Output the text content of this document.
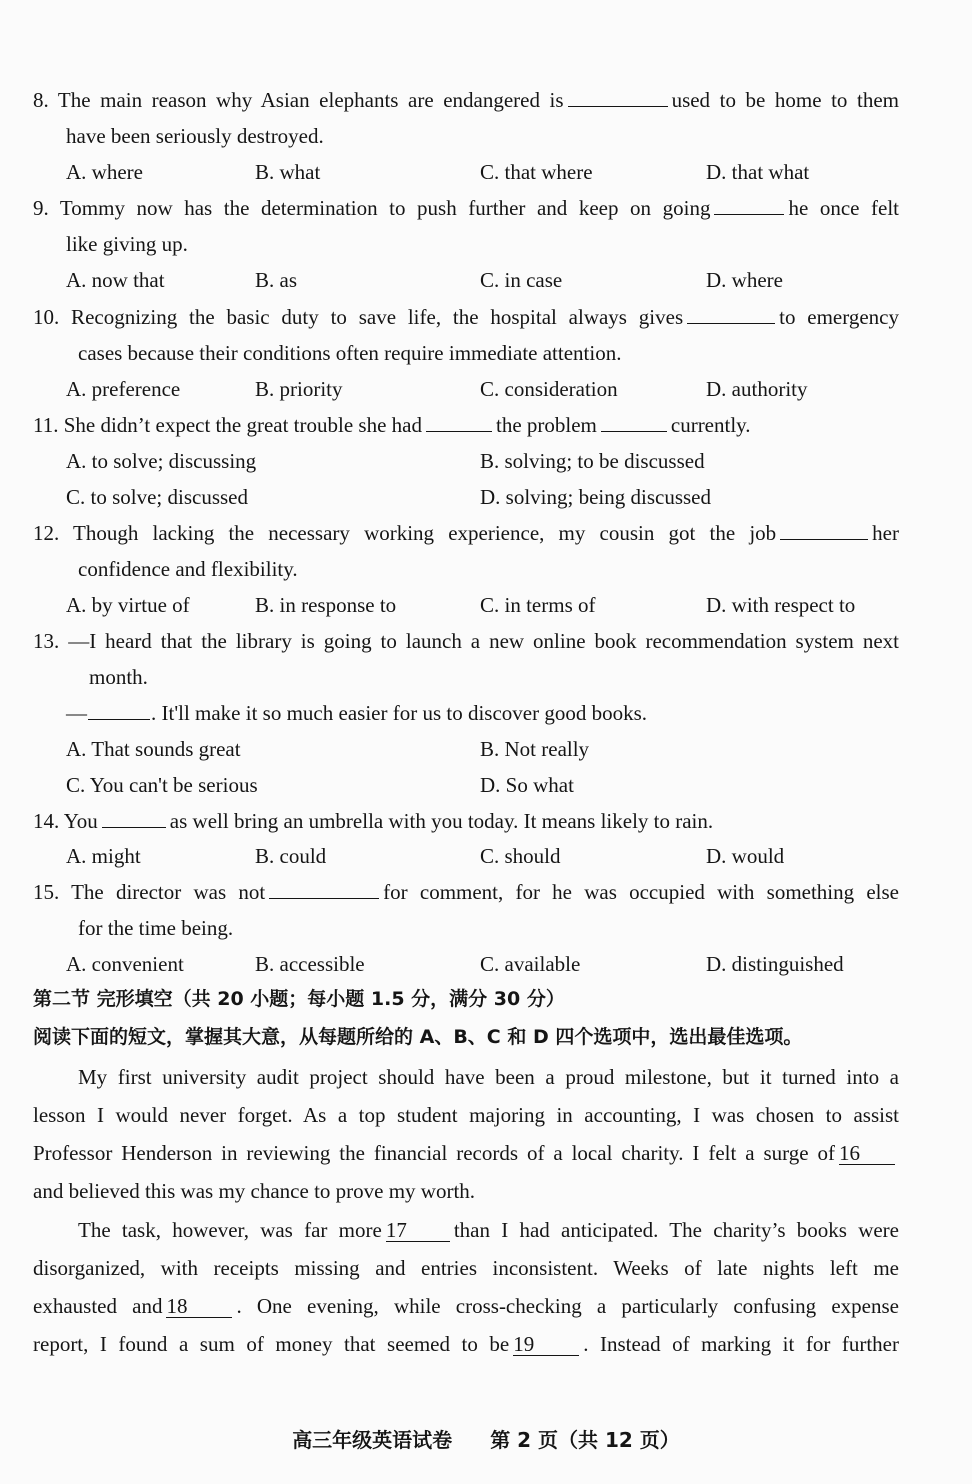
8. The main reason why Asian elephants are endangered is	used to be home to them
have been seriously destroyed.
A. where	B. what	C. that where	D. that what
9. Tommy now has the determination to push further and keep on going	he once felt
like giving up.
A. now that	B. as	C. in case	D. where
10. Recognizing the basic duty to save life, the hospital always gives	to emergency
cases because their conditions often require immediate attention.
A. preference	B. priority	C. consideration	D. authority
11. She didn’t expect the great trouble she had	the problem	currently.
A. to solve; discussing	B. solving; to be discussed
C. to solve; discussed	D. solving; being discussed
12. Though lacking the necessary working experience, my cousin got the job	her
confidence and flexibility.
A. by virtue of	B. in response to	C. in terms of	D. with respect to
13. —I heard that the library is going to launch a new online book recommendation system next
month.
—	. It'll make it so much easier for us to discover good books.
A. That sounds great	B. Not really
C. You can't be serious	D. So what
14. You	as well bring an umbrella with you today. It means likely to rain.
A. might	B. could	C. should	D. would
15. The director was not	for comment, for he was occupied with something else
for the time being.
A. convenient	B. accessible	C. available	D. distinguished
第二节 完形填空（共 20 小题；每小题 1.5 分，满分 30 分）
阅读下面的短文，掌握其大意，从每题所给的 A、B、C 和 D 四个选项中，选出最佳选项。
My first university audit project should have been a proud milestone, but it turned into a
lesson I would never forget. As a top student majoring in accounting, I was chosen to assist
Professor Henderson in reviewing the financial records of a local charity. I felt a surge of 16
and believed this was my chance to prove my worth.
The task, however, was far more 17 than I had anticipated. The charity’s books were
disorganized, with receipts missing and entries inconsistent. Weeks of late nights left me
exhausted and 18 . One evening, while cross-checking a particularly confusing expense
report, I found a sum of money that seemed to be 19 . Instead of marking it for further
高三年级英语试卷 第 2 页（共 12 页）
